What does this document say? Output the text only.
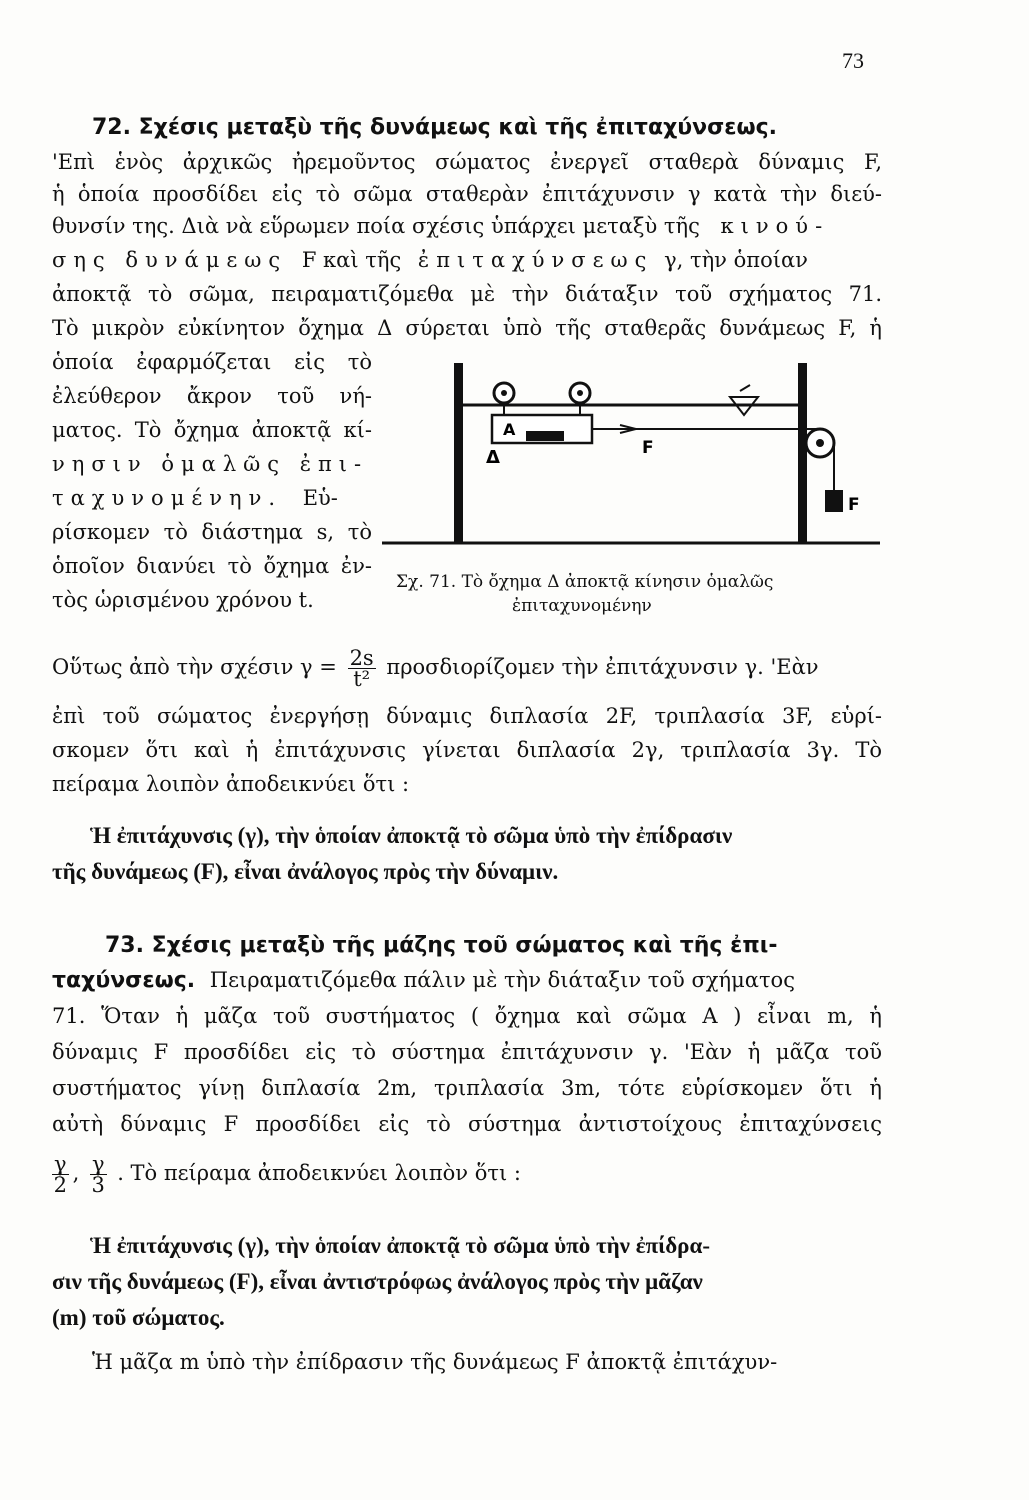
73
72. Σχέσις μεταξὺ τῆς δυνάμεως καὶ τῆς ἐπιταχύνσεως.
'Επὶ ἑνὸς ἀρχικῶς ἠρεμοῦντος σώματος ἐνεργεῖ σταθερὰ δύναμις F,
ἡ ὁποία προσδίδει εἰς τὸ σῶμα σταθερὰν ἐπιτάχυνσιν γ κατὰ τὴν διεύ-
θυνσίν της. Διὰ νὰ εὕρωμεν ποία σχέσις ὑπάρχει μεταξὺ τῆς κινού-
σης δυνάμεως F καὶ τῆς ἐπιταχύνσεως γ, τὴν ὁποίαν
ἀποκτᾷ τὸ σῶμα, πειραματιζόμεθα μὲ τὴν διάταξιν τοῦ σχήματος 71.
Τὸ μικρὸν εὐκίνητον ὄχημα Δ σύρεται ὑπὸ τῆς σταθερᾶς δυνάμεως F, ἡ
ὁποία ἐφαρμόζεται εἰς τὸ
ἐλεύθερον ἄκρον τοῦ νή-
ματος. Τὸ ὄχημα ἀποκτᾷ κί-
νησιν ὁμαλῶς ἐπι-
ταχυνομένην. Εὑ-
ρίσκομεν τὸ διάστημα s, τὸ
ὁποῖον διανύει τὸ ὄχημα ἐν-
τὸς ὡρισμένου χρόνου t.
A
Δ	F
F
Σχ. 71. Τὸ ὄχημα Δ ἀποκτᾷ κίνησιν ὁμαλῶς
ἐπιταχυνομένην
Οὕτως ἀπὸ τὴν σχέσιν $\gamma = \frac{2s}{\text{t²}}$ προσδιορίζομεν τὴν ἐπιτάχυνσιν γ. 'Εὰν
ἐπὶ τοῦ σώματος ἐνεργήσῃ δύναμις διπλασία 2F, τριπλασία 3F, εὑρί-
σκομεν ὅτι καὶ ἡ ἐπιτάχυνσις γίνεται διπλασία 2γ, τριπλασία 3γ. Τὸ
πείραμα λοιπὸν ἀποδεικνύει ὅτι :
Ἡ ἐπιτάχυνσις (γ), τὴν ὁποίαν ἀποκτᾷ τὸ σῶμα ὑπὸ τὴν ἐπίδρασιν
τῆς δυνάμεως (F), εἶναι ἀνάλογος πρὸς τὴν δύναμιν.
73. Σχέσις μεταξὺ τῆς μάζης τοῦ σώματος καὶ τῆς ἐπι-
ταχύνσεως. Πειραματιζόμεθα πάλιν μὲ τὴν διάταξιν τοῦ σχήματος
71. Ὅταν ἡ μᾶζα τοῦ συστήματος ( ὄχημα καὶ σῶμα A ) εἶναι m, ἡ
δύναμις F προσδίδει εἰς τὸ σύστημα ἐπιτάχυνσιν γ. 'Εὰν ἡ μᾶζα τοῦ
συστήματος γίνῃ διπλασία 2m, τριπλασία 3m, τότε εὑρίσκομεν ὅτι ἡ
αὐτὴ δύναμις F προσδίδει εἰς τὸ σύστημα ἀντιστοίχους ἐπιταχύνσεις
$\frac{\gamma}{2}$ , $\frac{\gamma}{3}$ . Τὸ πείραμα ἀποδεικνύει λοιπὸν ὅτι :
Ἡ ἐπιτάχυνσις (γ), τὴν ὁποίαν ἀποκτᾷ τὸ σῶμα ὑπὸ τὴν ἐπίδρα-
σιν τῆς δυνάμεως (F), εἶναι ἀντιστρόφως ἀνάλογος πρὸς τὴν μᾶζαν
(m) τοῦ σώματος.
Ἡ μᾶζα m ὑπὸ τὴν ἐπίδρασιν τῆς δυνάμεως F ἀποκτᾷ ἐπιτάχυν-
